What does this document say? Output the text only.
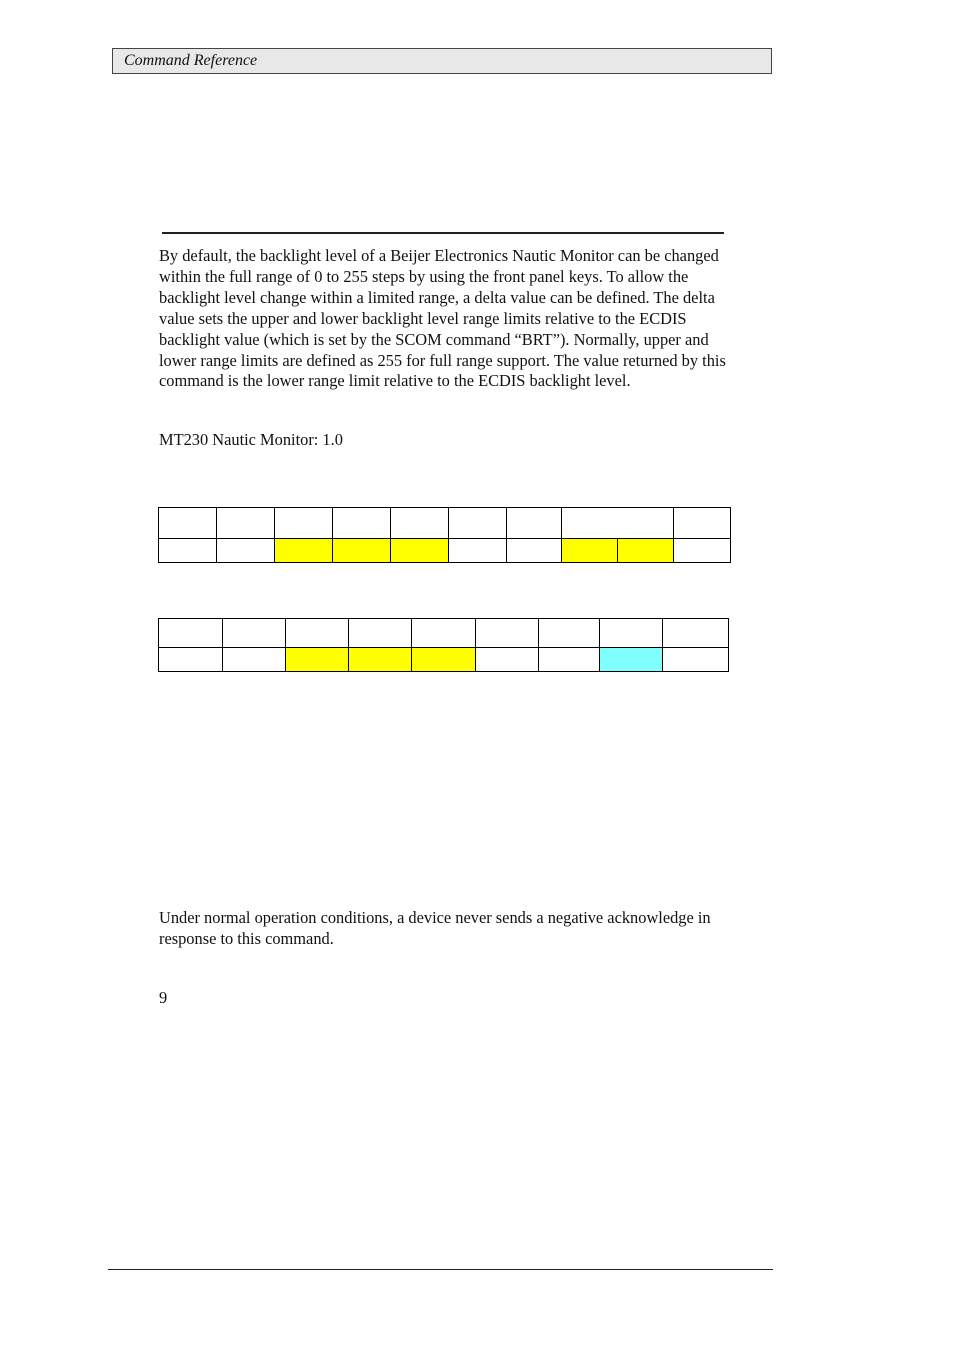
Command Reference

By default, the backlight level of a Beijer Electronics Nautic Monitor can be changed within the full range of 0 to 255 steps by using the front panel keys. To allow the backlight level change within a limited range, a delta value can be defined. The delta value sets the upper and lower backlight level range limits relative to the ECDIS backlight value (which is set by the SCOM command “BRT”). Normally, upper and lower range limits are defined as 255 for full range support. The value returned by this command is the lower range limit relative to the ECDIS backlight level.

MT230 Nautic Monitor: 1.0

Under normal operation conditions, a device never sends a negative acknowledge in response to this command.

9
